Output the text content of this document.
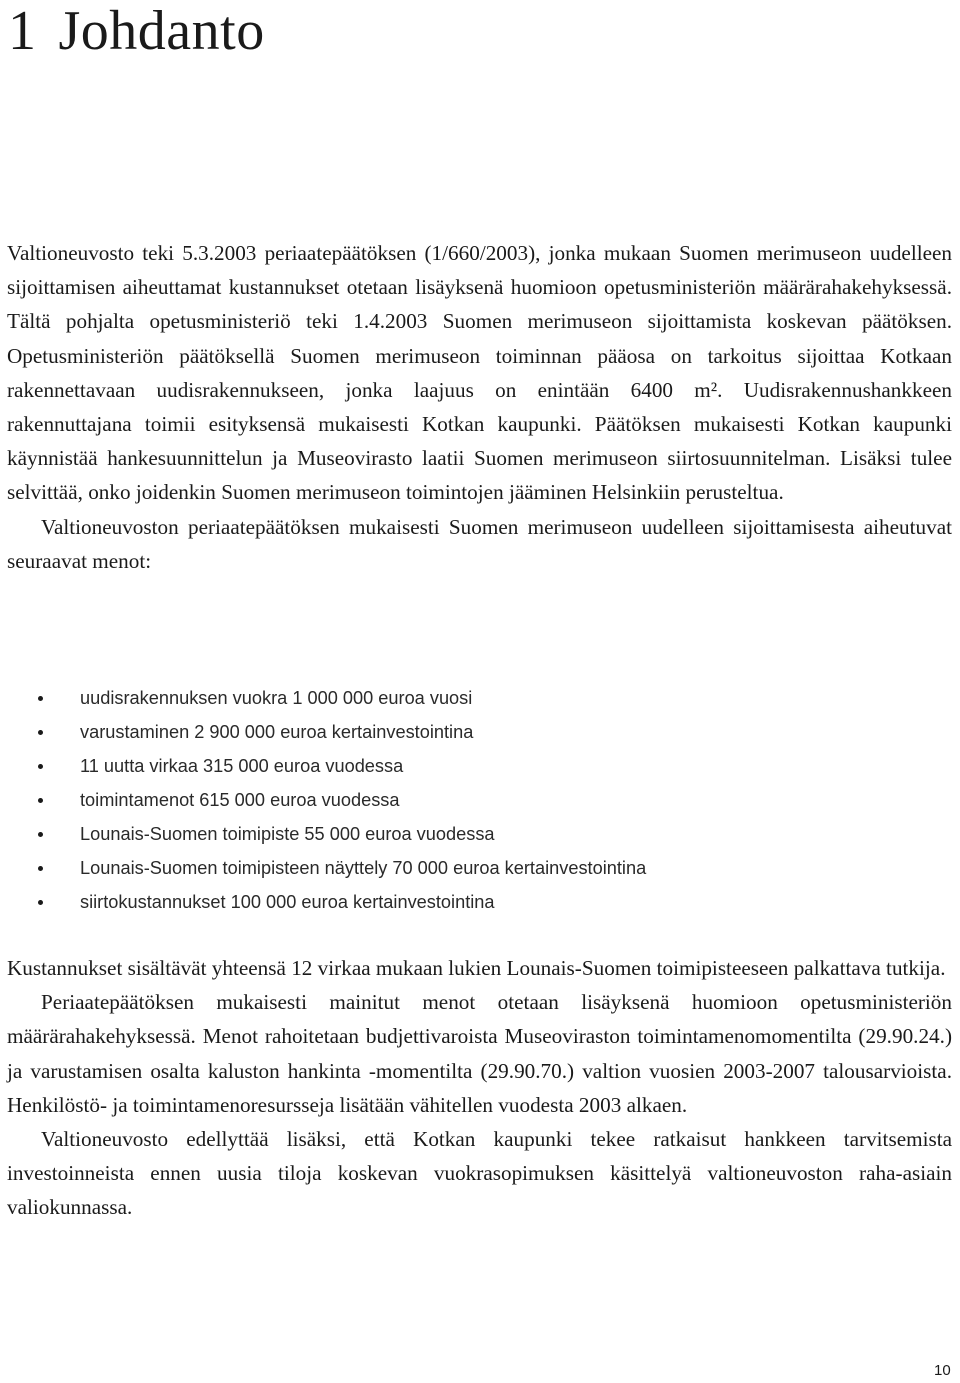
1 Johdanto

Valtioneuvosto teki 5.3.2003 periaatepäätöksen (1/660/2003), jonka mukaan Suomen merimuseon uudelleen sijoittamisen aiheuttamat kustannukset otetaan lisäyksenä huomioon opetusministeriön määrärahakehyksessä. Tältä pohjalta opetusministeriö teki 1.4.2003 Suomen merimuseon sijoittamista koskevan päätöksen. Opetusministeriön päätöksellä Suomen merimuseon toiminnan pääosa on tarkoitus sijoittaa Kotkaan rakennettavaan uudisrakennukseen, jonka laajuus on enintään 6400 m². Uudisrakennushankkeen rakennuttajana toimii esityksensä mukaisesti Kotkan kaupunki. Päätöksen mukaisesti Kotkan kaupunki käynnistää hankesuunnittelun ja Museovirasto laatii Suomen merimuseon siirtosuunnitelman. Lisäksi tulee selvittää, onko joidenkin Suomen merimuseon toimintojen jääminen Helsinkiin perusteltua.

Valtioneuvoston periaatepäätöksen mukaisesti Suomen merimuseon uudelleen sijoittamisesta aiheutuvat seuraavat menot:

uudisrakennuksen vuokra 1 000 000 euroa vuosi
varustaminen 2 900 000 euroa kertainvestointina
11 uutta virkaa 315 000 euroa vuodessa
toimintamenot 615 000 euroa vuodessa
Lounais-Suomen toimipiste 55 000 euroa vuodessa
Lounais-Suomen toimipisteen näyttely 70 000 euroa kertainvestointina
siirtokustannukset 100 000 euroa kertainvestointina

Kustannukset sisältävät yhteensä 12 virkaa mukaan lukien Lounais-Suomen toimipisteeseen palkattava tutkija.

Periaatepäätöksen mukaisesti mainitut menot otetaan lisäyksenä huomioon opetusministeriön määrärahakehyksessä. Menot rahoitetaan budjettivaroista Museoviraston toimintamenomomentilta (29.90.24.) ja varustamisen osalta kaluston hankinta -momentilta (29.90.70.) valtion vuosien 2003-2007 talousarvioista. Henkilöstö- ja toimintamenoresursseja lisätään vähitellen vuodesta 2003 alkaen.

Valtioneuvosto edellyttää lisäksi, että Kotkan kaupunki tekee ratkaisut hankkeen tarvitsemista investoinneista ennen uusia tiloja koskevan vuokrasopimuksen käsittelyä valtioneuvoston raha-asiain valiokunnassa.

10
